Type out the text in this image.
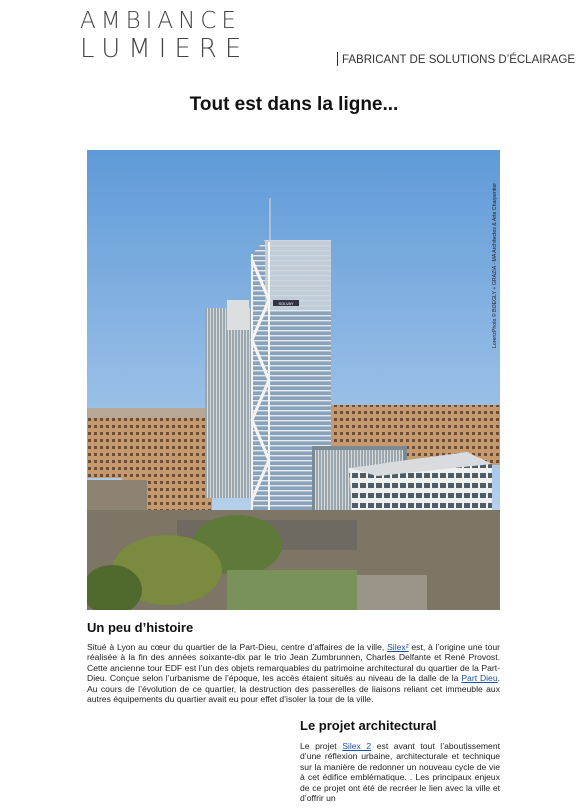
AMBIANCE
LUMIERE	FABRICANT DE SOLUTIONS D’ÉCLAIRAGE
Tout est dans la ligne...
SOLVAY	LorenzPhoto © BOEGLY + GRAZIA - MA Architectes & Arte Charpentier
Un peu d’histoire
Situé à Lyon au cœur du quartier de la Part-Dieu, centre d’affaires de la ville, Silex² est, à l’origine une tour réalisée à la fin des années soixante-dix par le trio Jean Zumbrunnen, Charles Delfante et René Provost. Cette ancienne tour EDF est l’un des objets remarquables du patrimoine architectural du quartier de la Part-Dieu. Conçue selon l’urbanisme de l’époque, les accès étaient situés au niveau de la dalle de la Part Dieu. Au cours de l’évolution de ce quartier, la destruction des passerelles de liaisons reliant cet immeuble aux autres équipements du quartier avait eu pour effet d’isoler la tour de la ville.
Le projet architectural
Le projet Silex 2 est avant tout l’aboutissement d’une réflexion urbaine, architecturale et technique sur la manière de redonner un nouveau cycle de vie à cet édifice emblématique. . Les principaux enjeux de ce projet ont été de recréer le lien avec la ville et d’offrir un
